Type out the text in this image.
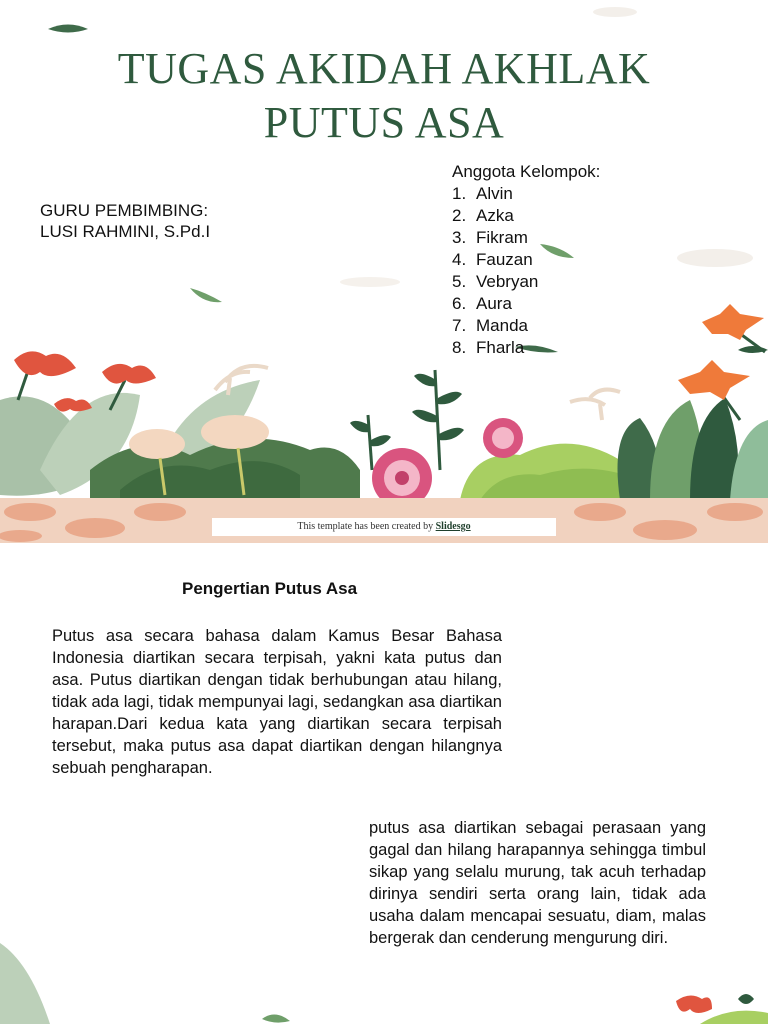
TUGAS AKIDAH AKHLAK
PUTUS ASA
GURU PEMBIMBING:
LUSI RAHMINI, S.Pd.I
Anggota Kelompok:
1. Alvin
2. Azka
3. Fikram
4. Fauzan
5. Vebryan
6. Aura
7. Manda
8. Fharla
This template has been created by Slidesgo
Pengertian Putus Asa

Putus asa secara bahasa dalam Kamus Besar Bahasa Indonesia diartikan secara terpisah, yakni kata putus dan asa. Putus diartikan dengan tidak berhubungan atau hilang, tidak ada lagi, tidak mempunyai lagi, sedangkan asa diartikan harapan.Dari kedua kata yang diartikan secara terpisah tersebut, maka putus asa dapat diartikan dengan hilangnya sebuah pengharapan.

putus asa diartikan sebagai perasaan yang gagal dan hilang harapannya sehingga timbul sikap yang selalu murung, tak acuh terhadap dirinya sendiri serta orang lain, tidak ada usaha dalam mencapai sesuatu, diam, malas bergerak dan cenderung mengurung diri.
